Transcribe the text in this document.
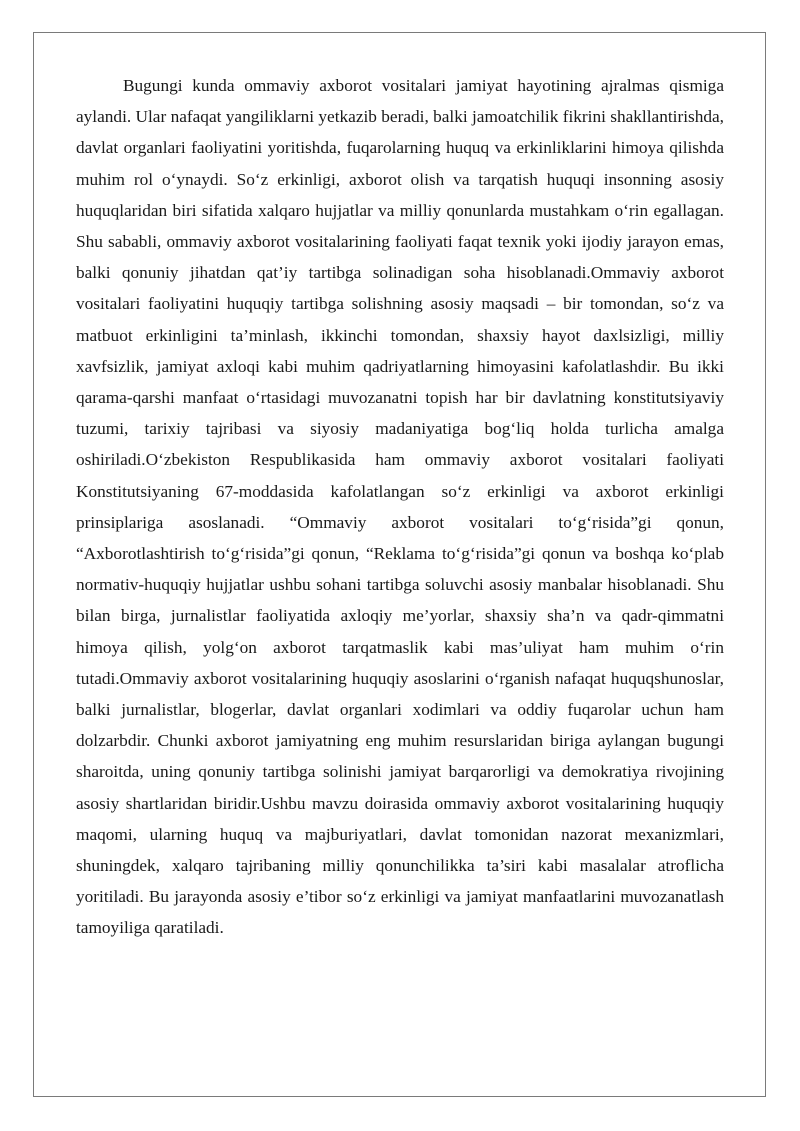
Bugungi kunda ommaviy axborot vositalari jamiyat hayotining ajralmas qismiga aylandi. Ular nafaqat yangiliklarni yetkazib beradi, balki jamoatchilik fikrini shakllantirishda, davlat organlari faoliyatini yoritishda, fuqarolarning huquq va erkinliklarini himoya qilishda muhim rol o‘ynaydi. So‘z erkinligi, axborot olish va tarqatish huquqi insonning asosiy huquqlaridan biri sifatida xalqaro hujjatlar va milliy qonunlarda mustahkam o‘rin egallagan. Shu sababli, ommaviy axborot vositalarining faoliyati faqat texnik yoki ijodiy jarayon emas, balki qonuniy jihatdan qat’iy tartibga solinadigan soha hisoblanadi.Ommaviy axborot vositalari faoliyatini huquqiy tartibga solishning asosiy maqsadi – bir tomondan, so‘z va matbuot erkinligini ta’minlash, ikkinchi tomondan, shaxsiy hayot daxlsizligi, milliy xavfsizlik, jamiyat axloqi kabi muhim qadriyatlarning himoyasini kafolatlashdir. Bu ikki qarama-qarshi manfaat o‘rtasidagi muvozanatni topish har bir davlatning konstitutsiyaviy tuzumi, tarixiy tajribasi va siyosiy madaniyatiga bog‘liq holda turlicha amalga oshiriladi.O‘zbekiston Respublikasida ham ommaviy axborot vositalari faoliyati Konstitutsiyaning 67-moddasida kafolatlangan so‘z erkinligi va axborot erkinligi prinsiplariga asoslanadi. “Ommaviy axborot vositalari to‘g‘risida”gi qonun, “Axborotlashtirish to‘g‘risida”gi qonun, “Reklama to‘g‘risida”gi qonun va boshqa ko‘plab normativ-huquqiy hujjatlar ushbu sohani tartibga soluvchi asosiy manbalar hisoblanadi. Shu bilan birga, jurnalistlar faoliyatida axloqiy me’yorlar, shaxsiy sha’n va qadr-qimmatni himoya qilish, yolg‘on axborot tarqatmaslik kabi mas’uliyat ham muhim o‘rin tutadi.Ommaviy axborot vositalarining huquqiy asoslarini o‘rganish nafaqat huquqshunoslar, balki jurnalistlar, blogerlar, davlat organlari xodimlari va oddiy fuqarolar uchun ham dolzarbdir. Chunki axborot jamiyatning eng muhim resurslaridan biriga aylangan bugungi sharoitda, uning qonuniy tartibga solinishi jamiyat barqarorligi va demokratiya rivojining asosiy shartlaridan biridir.Ushbu mavzu doirasida ommaviy axborot vositalarining huquqiy maqomi, ularning huquq va majburiyatlari, davlat tomonidan nazorat mexanizmlari, shuningdek, xalqaro tajribaning milliy qonunchilikka ta’siri kabi masalalar atroflicha yoritiladi. Bu jarayonda asosiy e’tibor so‘z erkinligi va jamiyat manfaatlarini muvozanatlash tamoyiliga qaratiladi.
